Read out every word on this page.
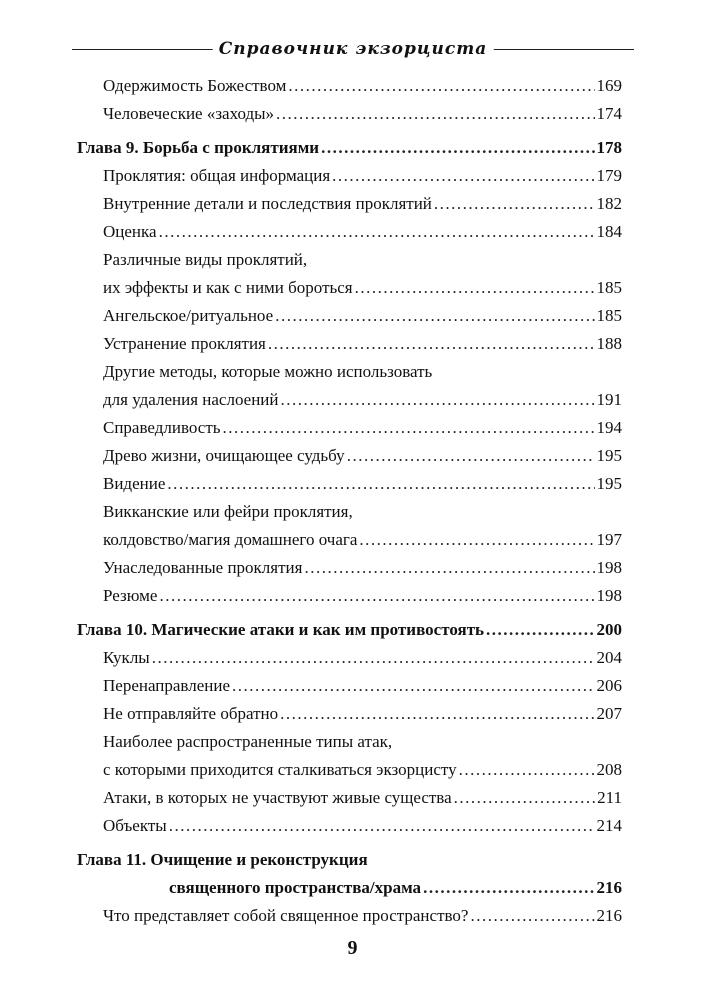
Справочник экзорциста
Одержимость Божеством .....	169
Человеческие «заходы» .....	174
Глава 9. Борьба с проклятиями .....	178
Проклятия: общая информация .....	179
Внутренние детали и последствия проклятий .....	182
Оценка .....	184
Различные виды проклятий,
их эффекты и как с ними бороться .....	185
Ангельское/ритуальное .....	185
Устранение проклятия .....	188
Другие методы, которые можно использовать
для удаления наслоений .....	191
Справедливость .....	194
Древо жизни, очищающее судьбу .....	195
Видение .....	195
Викканские или фейри проклятия,
колдовство/магия домашнего очага .....	197
Унаследованные проклятия .....	198
Резюме .....	198
Глава 10. Магические атаки и как им противостоять .....	200
Куклы .....	204
Перенаправление .....	206
Не отправляйте обратно .....	207
Наиболее распространенные типы атак,
с которыми приходится сталкиваться экзорцисту .....	208
Атаки, в которых не участвуют живые существа .....	211
Объекты .....	214
Глава 11. Очищение и реконструкция
священного пространства/храма .....	216
Что представляет собой священное пространство? .....	216
9
